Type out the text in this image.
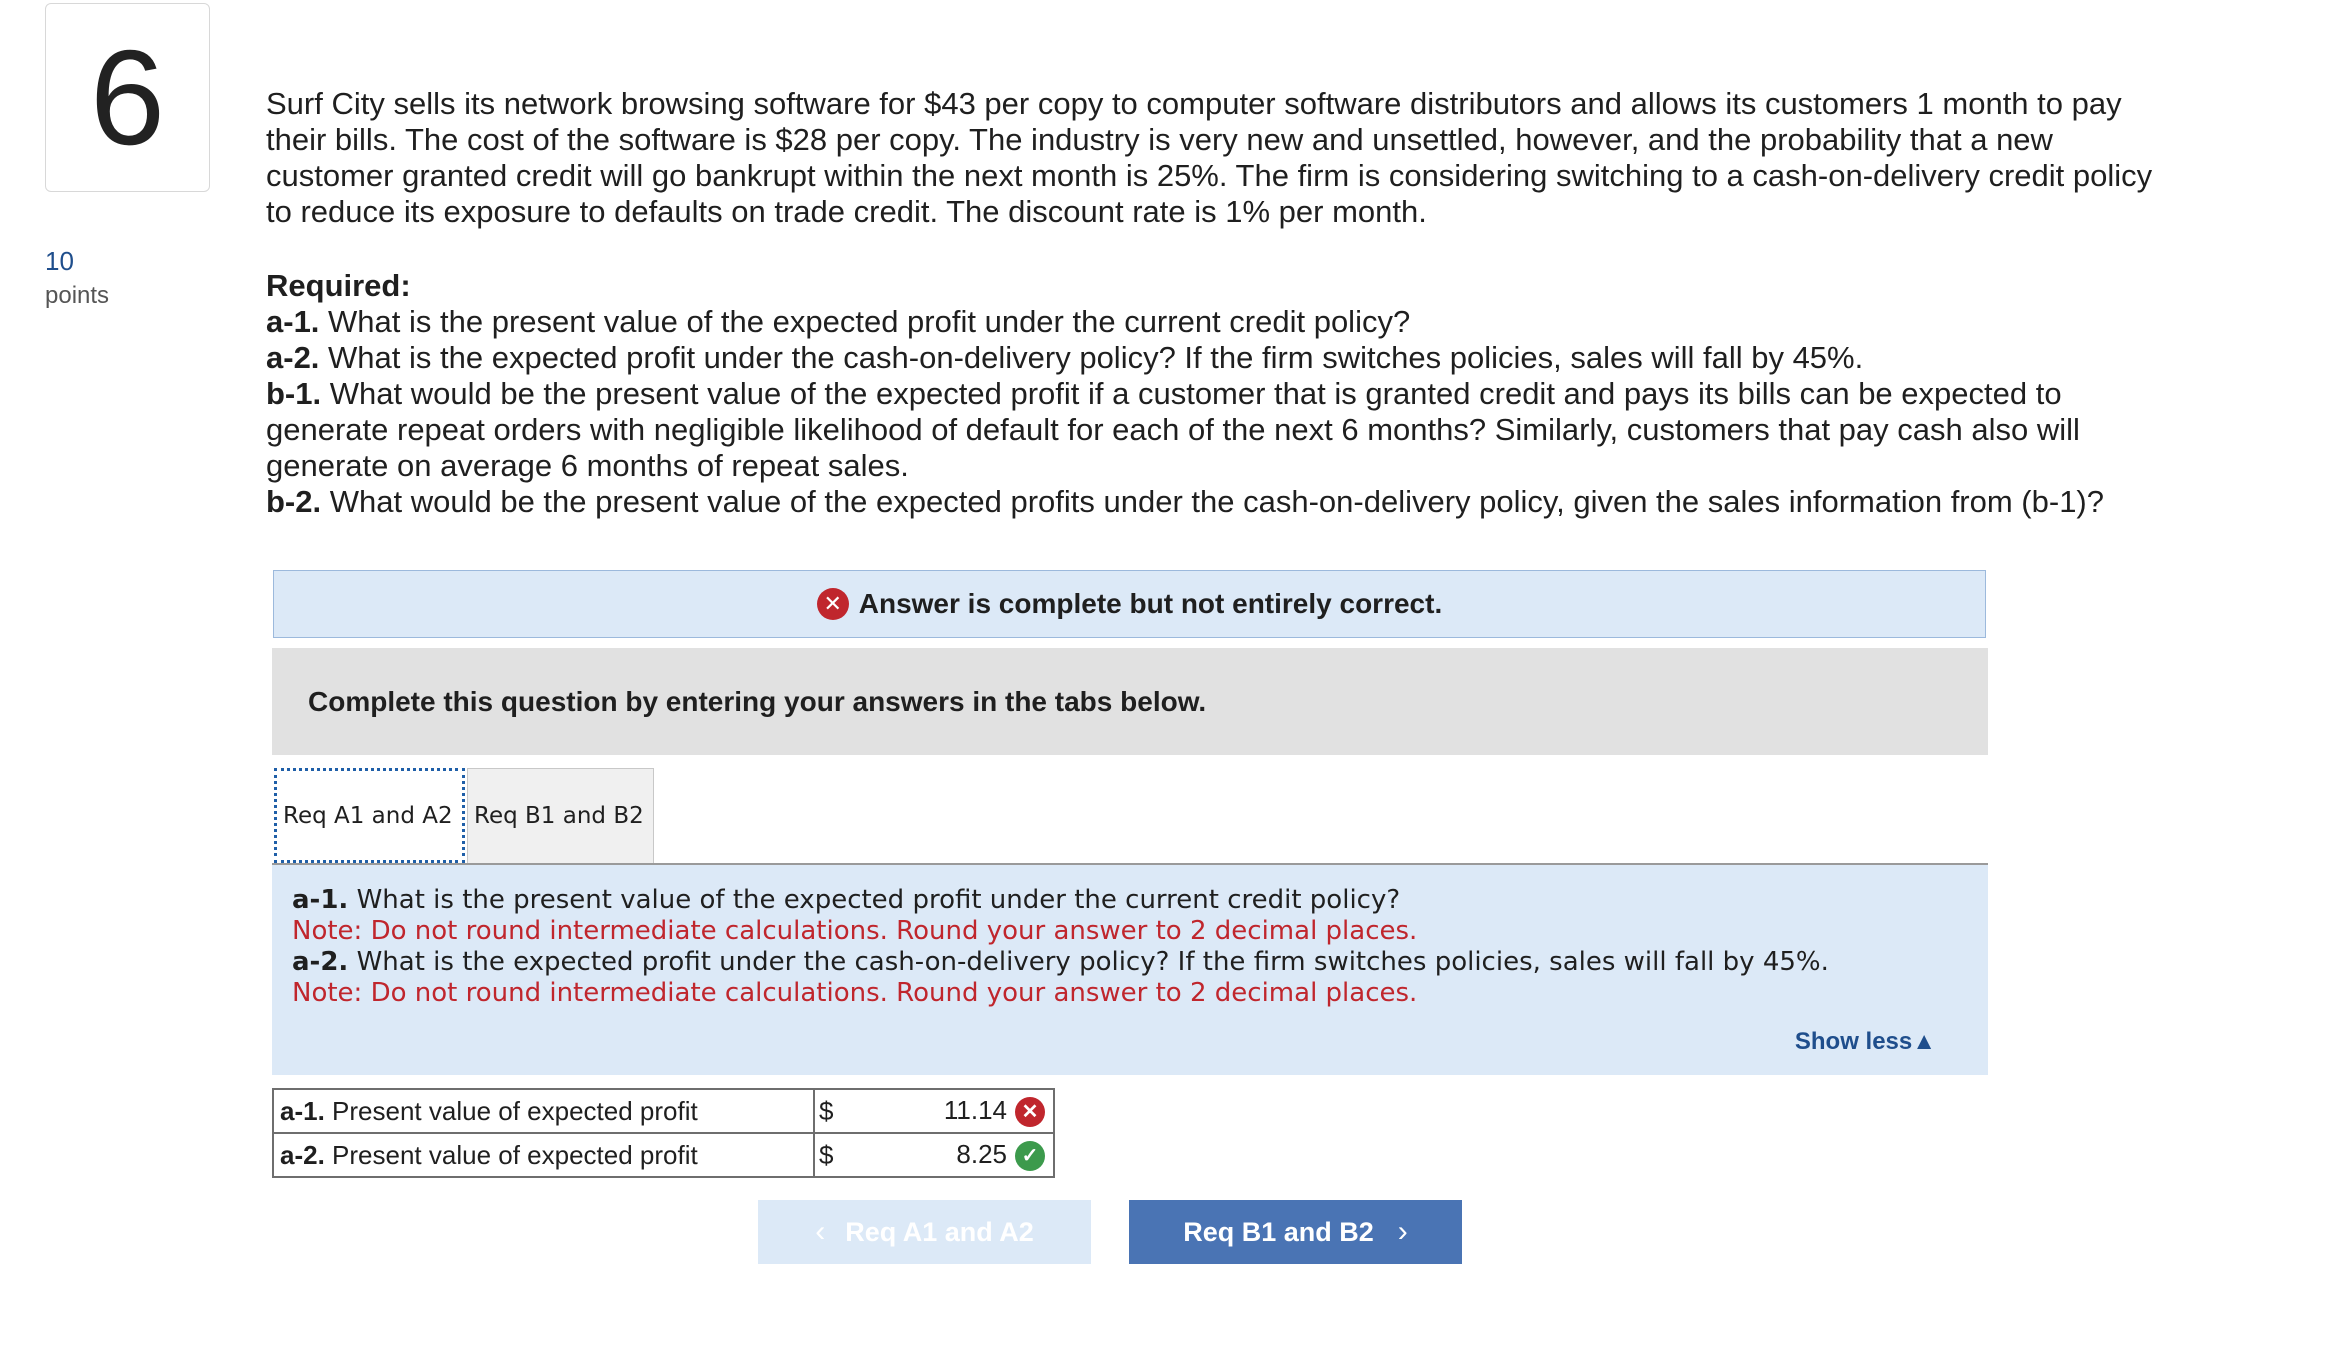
6
10
points

Surf City sells its network browsing software for $43 per copy to computer software distributors and allows its customers 1 month to pay their bills. The cost of the software is $28 per copy. The industry is very new and unsettled, however, and the probability that a new customer granted credit will go bankrupt within the next month is 25%. The firm is considering switching to a cash-on-delivery credit policy to reduce its exposure to defaults on trade credit. The discount rate is 1% per month.

Required:

a-1. What is the present value of the expected profit under the current credit policy?

a-2. What is the expected profit under the cash-on-delivery policy? If the firm switches policies, sales will fall by 45%.

b-1. What would be the present value of the expected profit if a customer that is granted credit and pays its bills can be expected to generate repeat orders with negligible likelihood of default for each of the next 6 months? Similarly, customers that pay cash also will generate on average 6 months of repeat sales.

b-2. What would be the present value of the expected profits under the cash-on-delivery policy, given the sales information from (b-1)?

✕ Answer is complete but not entirely correct.
Complete this question by entering your answers in the tabs below.
Req A1 and A2 Req B1 and B2
a-1. What is the present value of the expected profit under the current credit policy?
Note: Do not round intermediate calculations. Round your answer to 2 decimal places.
a-2. What is the expected profit under the cash-on-delivery policy? If the firm switches policies, sales will fall by 45%.
Note: Do not round intermediate calculations. Round your answer to 2 decimal places.
Show less▲
a-1. Present value of expected profit	$	11.14 ✕
a-2. Present value of expected profit	$	8.25 ✓
‹ Req A1 and A2	Req B1 and B2 ›
